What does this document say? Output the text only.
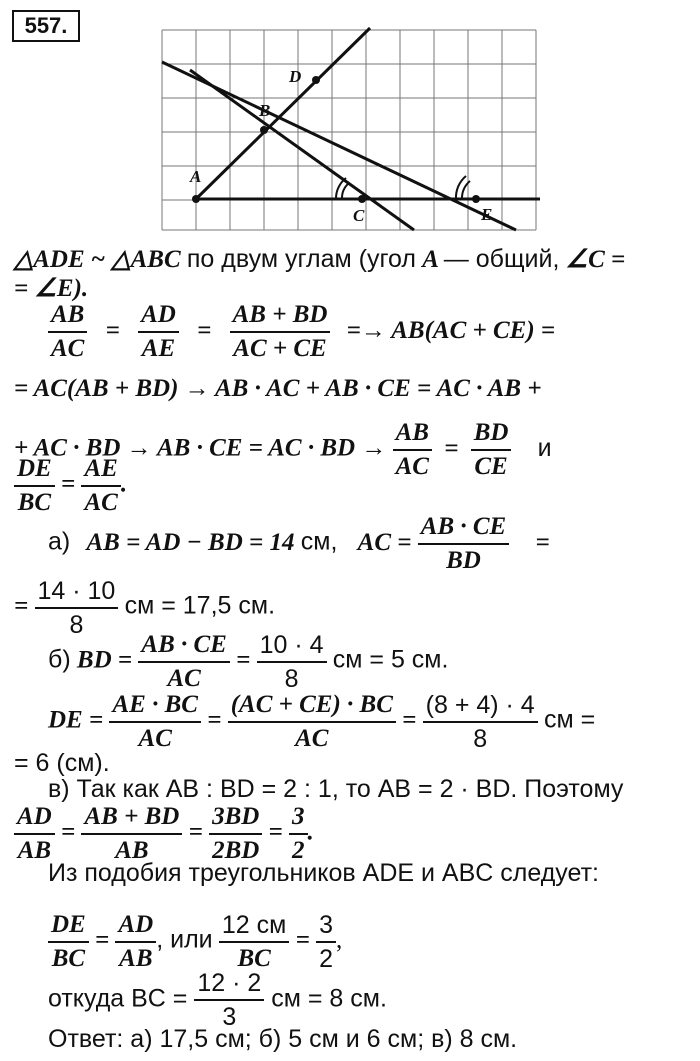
557.
A
B
D
C	E
△ADE ~ △ABC по двум углам (угол A — общий, ∠C =
= ∠E).
$\frac{AB}{AC} = \frac{AD}{AE} = \frac{AB + BD}{AC + CE} =\to AB(AC + CE)$ =
= AC(AB + BD) → AB · AC + AB · CE = AC · AB +
+ AC · BD → AB · CE = AC · BD → $\frac{AB}{AC} = \frac{BD}{CE}$ и
$\frac{DE}{BC} = \frac{AE}{AC}$ .
а) AB = AD − BD = 14 см, AC = $\frac{AB \cdot CE}{BD}$ =
= $\frac{14 \cdot 10}{8}$ см = 17,5 см.
б) BD = $\frac{AB \cdot CE}{AC} = \frac{10 \cdot 4}{8}$ см = 5 см.
DE = $\frac{AE \cdot BC}{AC} = \frac{(AC + CE) \cdot BC}{AC} = \frac{(8 + 4) \cdot 4}{8}$ см =
= 6 (см).
в) Так как AB : BD = 2 : 1, то AB = 2 · BD. Поэтому
$\frac{AD}{AB} = \frac{AB + BD}{AB} = \frac{3BD}{2BD} = \frac{3}{2}$ .
Из подобия треугольников ADE и ABC следует:
$\frac{DE}{BC} = \frac{AD}{AB}$ , или $\frac{12 см}{BC} = \frac{3}{2}$ ,
откуда BC = $\frac{12 \cdot 2}{3}$ см = 8 см.
Ответ: а) 17,5 см; б) 5 см и 6 см; в) 8 см.
